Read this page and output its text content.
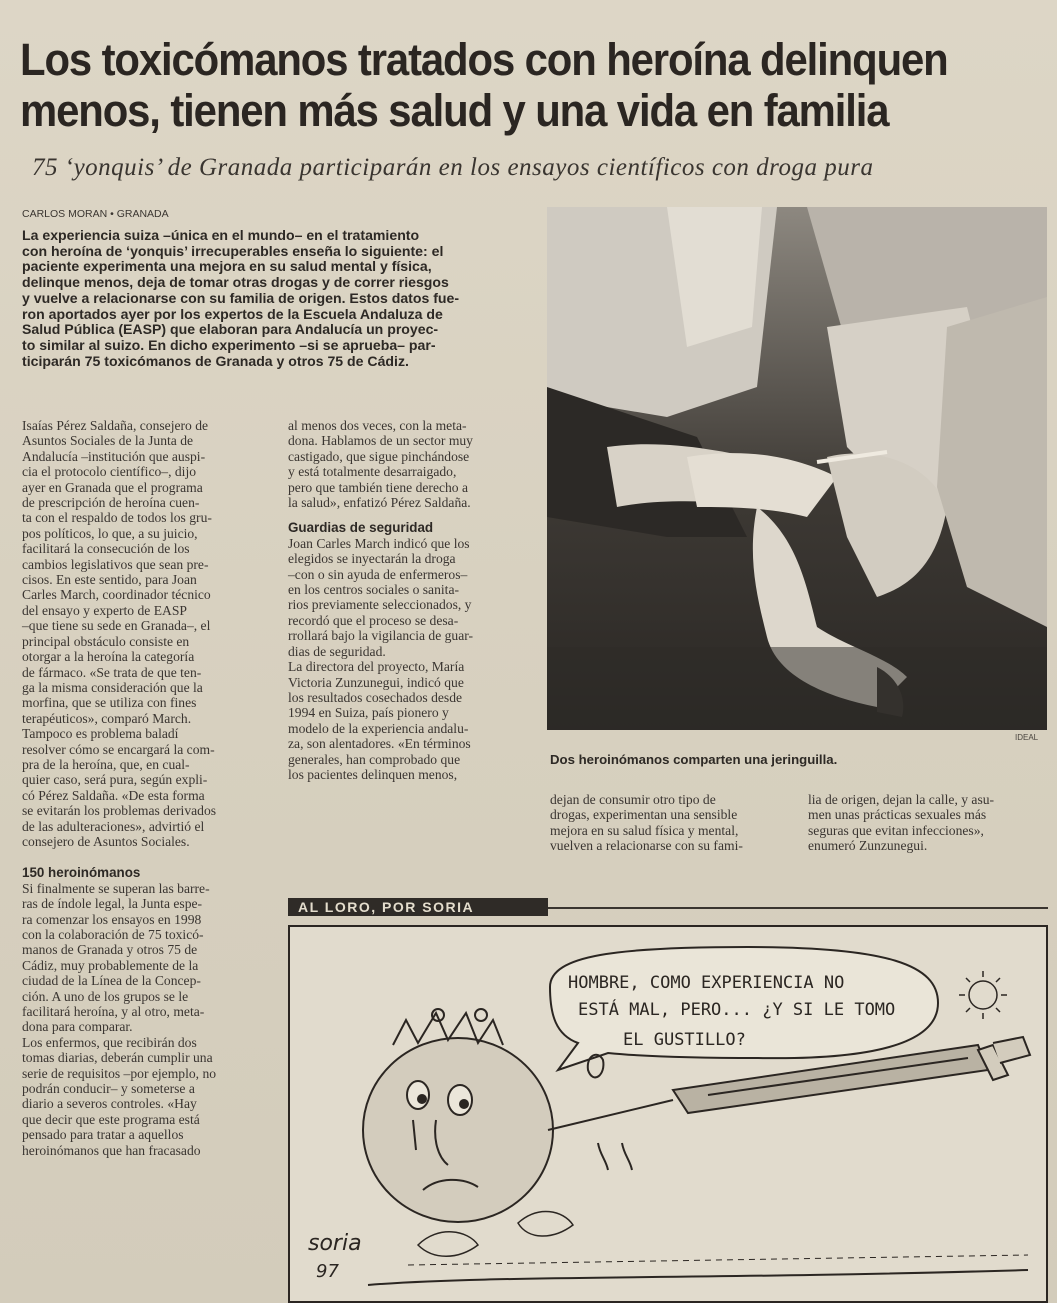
Los toxicómanos tratados con heroína delinquen
menos, tienen más salud y una vida en familia
75 ‘yonquis’ de Granada participarán en los ensayos científicos con droga pura
CARLOS MORAN • GRANADA
La experiencia suiza –única en el mundo– en el tratamiento
con heroína de ‘yonquis’ irrecuperables enseña lo siguiente: el
paciente experimenta una mejora en su salud mental y física,
delinque menos, deja de tomar otras drogas y de correr riesgos
y vuelve a relacionarse con su familia de origen. Estos datos fue-
ron aportados ayer por los expertos de la Escuela Andaluza de
Salud Pública (EASP) que elaboran para Andalucía un proyec-
to similar al suizo. En dicho experimento –si se aprueba– par-
ticiparán 75 toxicómanos de Granada y otros 75 de Cádiz.
Isaías Pérez Saldaña, consejero de
Asuntos Sociales de la Junta de
Andalucía –institución que auspi-
cia el protocolo científico–, dijo
ayer en Granada que el programa
de prescripción de heroína cuen-
ta con el respaldo de todos los gru-
pos políticos, lo que, a su juicio,
facilitará la consecución de los
cambios legislativos que sean pre-
cisos. En este sentido, para Joan
Carles March, coordinador técnico
del ensayo y experto de EASP
–que tiene su sede en Granada–, el
principal obstáculo consiste en
otorgar a la heroína la categoría
de fármaco. «Se trata de que ten-
ga la misma consideración que la
morfina, que se utiliza con fines
terapéuticos», comparó March.
Tampoco es problema baladí
resolver cómo se encargará la com-
pra de la heroína, que, en cual-
quier caso, será pura, según expli-
có Pérez Saldaña. «De esta forma
se evitarán los problemas derivados
de las adulteraciones», advirtió el
consejero de Asuntos Sociales.
150 heroinómanos
Si finalmente se superan las barre-
ras de índole legal, la Junta espe-
ra comenzar los ensayos en 1998
con la colaboración de 75 toxicó-
manos de Granada y otros 75 de
Cádiz, muy probablemente de la
ciudad de la Línea de la Concep-
ción. A uno de los grupos se le
facilitará heroína, y al otro, meta-
dona para comparar.
Los enfermos, que recibirán dos
tomas diarias, deberán cumplir una
serie de requisitos –por ejemplo, no
podrán conducir– y someterse a
diario a severos controles. «Hay
que decir que este programa está
pensado para tratar a aquellos
heroinómanos que han fracasado
al menos dos veces, con la meta-
dona. Hablamos de un sector muy
castigado, que sigue pinchándose
y está totalmente desarraigado,
pero que también tiene derecho a
la salud», enfatizó Pérez Saldaña.
Guardias de seguridad
Joan Carles March indicó que los
elegidos se inyectarán la droga
–con o sin ayuda de enfermeros–
en los centros sociales o sanita-
rios previamente seleccionados, y
recordó que el proceso se desa-
rrollará bajo la vigilancia de guar-
dias de seguridad.
La directora del proyecto, María
Victoria Zunzunegui, indicó que
los resultados cosechados desde
1994 en Suiza, país pionero y
modelo de la experiencia andalu-
za, son alentadores. «En términos
generales, han comprobado que
los pacientes delinquen menos,
dejan de consumir otro tipo de
drogas, experimentan una sensible
mejora en su salud física y mental,
vuelven a relacionarse con su fami-
lia de origen, dejan la calle, y asu-
men unas prácticas sexuales más
seguras que evitan infecciones»,
enumeró Zunzunegui.
IDEAL
Dos heroinómanos comparten una jeringuilla.
AL LORO, POR SORIA
HOMBRE, COMO EXPERIENCIA NO
ESTÁ MAL, PERO... ¿Y SI LE TOMO
EL GUSTILLO?
soria
97
